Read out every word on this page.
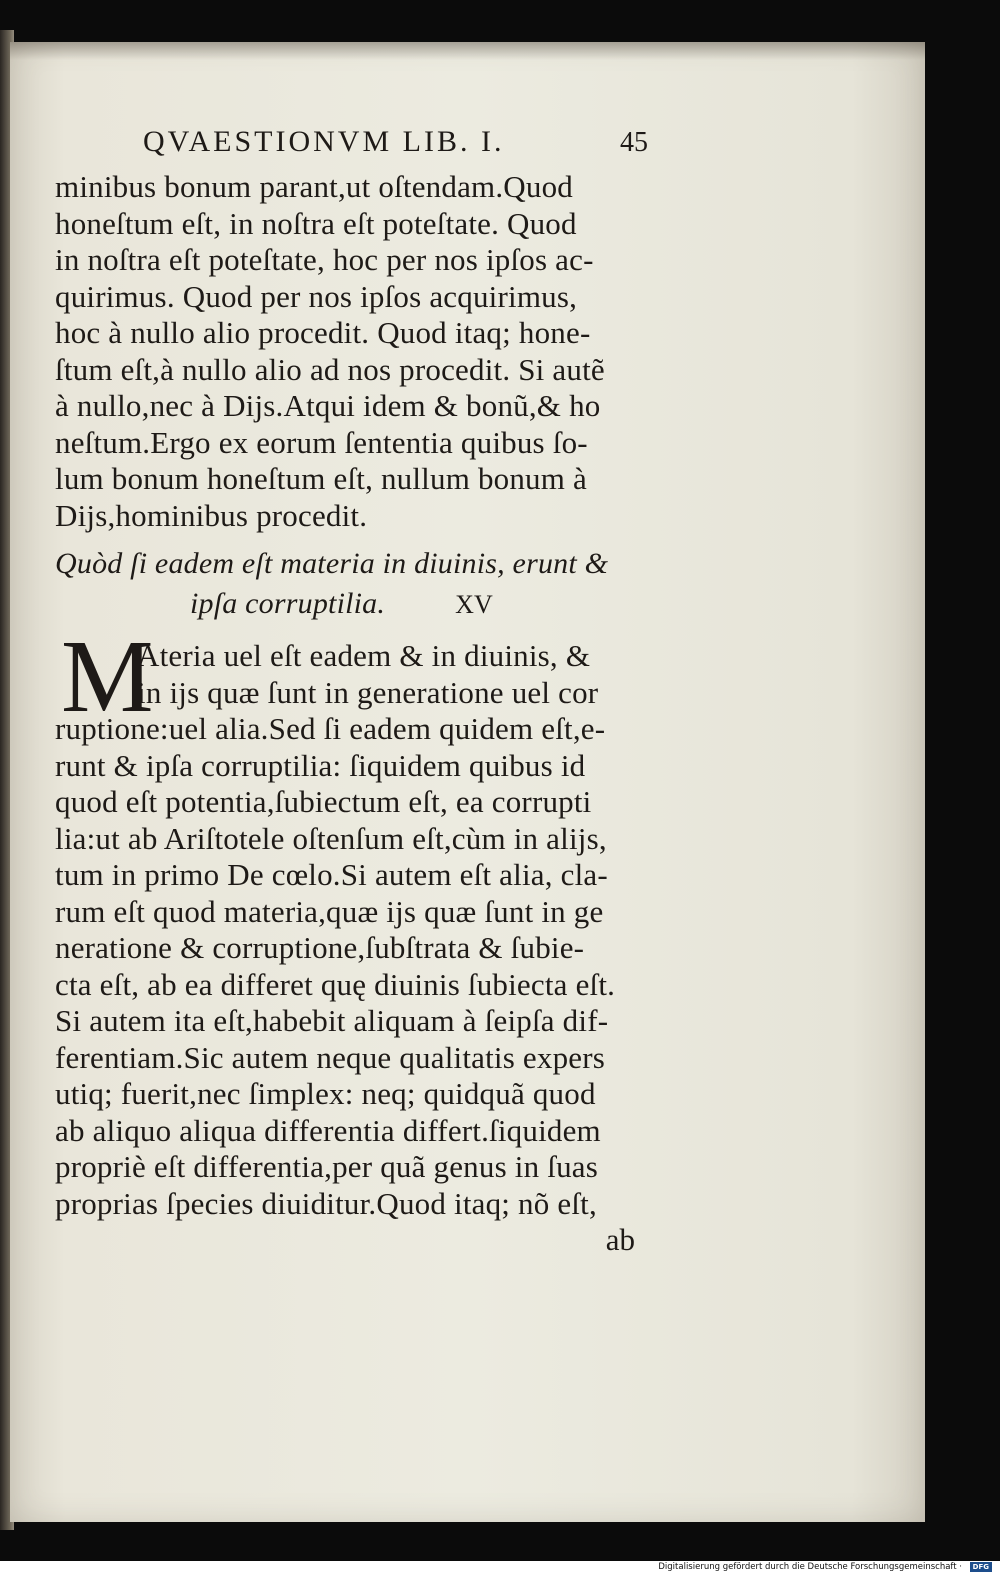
QVAESTIONVM LIB. I.	45
minibus bonum parant,ut oſtendam.Quod
honeſtum eſt, in noſtra eſt poteſtate. Quod
in noſtra eſt poteſtate, hoc per nos ipſos ac-
quirimus. Quod per nos ipſos acquirimus,
hoc à nullo alio procedit. Quod itaq; hone-
ſtum eſt,à nullo alio ad nos procedit. Si autẽ
à nullo,nec à Dijs.Atqui idem & bonũ,& ho
neſtum.Ergo ex eorum ſententia quibus ſo-
lum bonum honeſtum eſt, nullum bonum à
Dijs,hominibus procedit.
Quòd ſi eadem eſt materia in diuinis, erunt &
ipſa corruptilia.	XV
M
Ateria uel eſt eadem & in diuinis, &
in ijs quæ ſunt in generatione uel cor
ruptione:uel alia.Sed ſi eadem quidem eſt,e-
runt & ipſa corruptilia: ſiquidem quibus id
quod eſt potentia,ſubiectum eſt, ea corrupti
lia:ut ab Ariſtotele oſtenſum eſt,cùm in alijs,
tum in primo De cœlo.Si autem eſt alia, cla-
rum eſt quod materia,quæ ijs quæ ſunt in ge
neratione & corruptione,ſubſtrata & ſubie-
cta eſt, ab ea differet quę diuinis ſubiecta eſt.
Si autem ita eſt,habebit aliquam à ſeipſa dif-
ferentiam.Sic autem neque qualitatis expers
utiq; fuerit,nec ſimplex: neq; quidquã quod
ab aliquo aliqua differentia differt.ſiquidem
propriè eſt differentia,per quã genus in ſuas
proprias ſpecies diuiditur.Quod itaq; nõ eſt,
ab
Digitalisierung gefördert durch die Deutsche Forschungsgemeinschaft ·	DFG
